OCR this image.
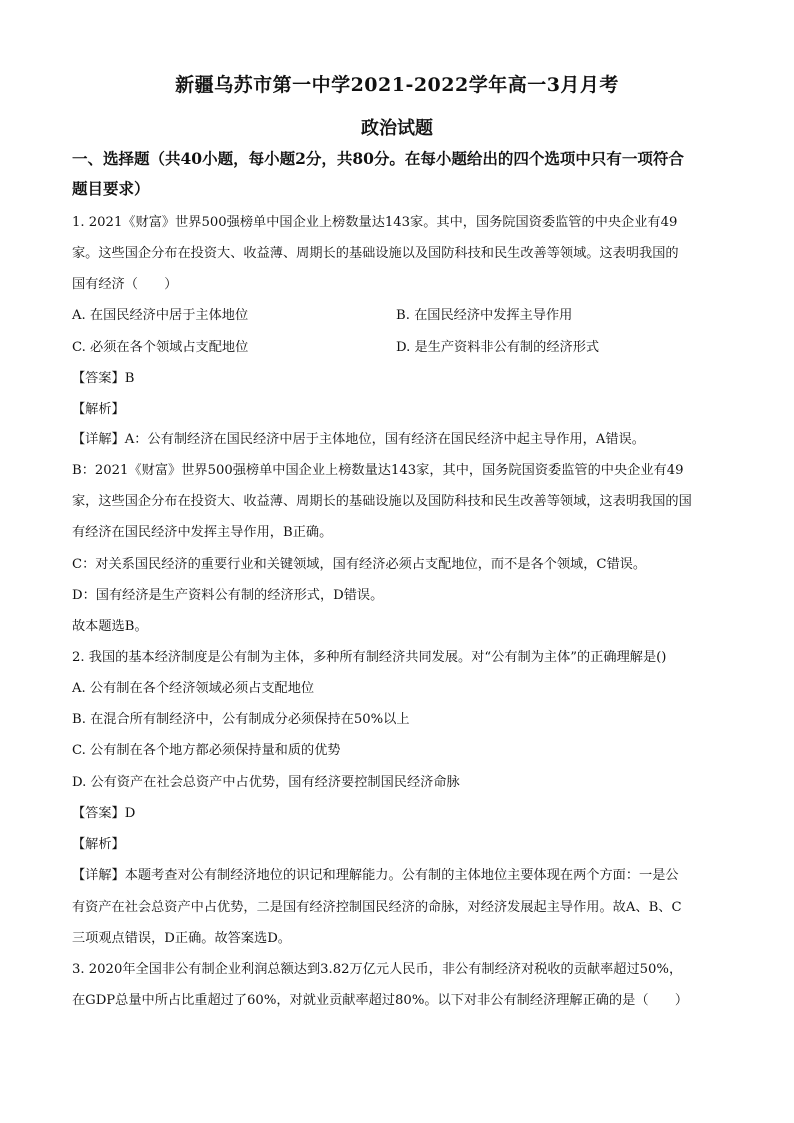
新疆乌苏市第一中学2021-2022学年高一3月月考
政治试题
一、选择题（共40小题，每小题2分，共80分。在每小题给出的四个选项中只有一项符合
题目要求）
1. 2021《财富》世界500强榜单中国企业上榜数量达143家。其中，国务院国资委监管的中央企业有49
家。这些国企分布在投资大、收益薄、周期长的基础设施以及国防科技和民生改善等领域。这表明我国的
国有经济（　　）
A. 在国民经济中居于主体地位	B. 在国民经济中发挥主导作用
C. 必须在各个领域占支配地位	D. 是生产资料非公有制的经济形式
【答案】B
【解析】
【详解】A：公有制经济在国民经济中居于主体地位，国有经济在国民经济中起主导作用，A错误。
B：2021《财富》世界500强榜单中国企业上榜数量达143家，其中，国务院国资委监管的中央企业有49
家，这些国企分布在投资大、收益薄、周期长的基础设施以及国防科技和民生改善等领域，这表明我国的国
有经济在国民经济中发挥主导作用，B正确。
C：对关系国民经济的重要行业和关键领域，国有经济必须占支配地位，而不是各个领域，C错误。
D：国有经济是生产资料公有制的经济形式，D错误。
故本题选B。
2. 我国的基本经济制度是公有制为主体，多种所有制经济共同发展。对“公有制为主体”的正确理解是()
A. 公有制在各个经济领域必须占支配地位
B. 在混合所有制经济中，公有制成分必须保持在50%以上
C. 公有制在各个地方都必须保持量和质的优势
D. 公有资产在社会总资产中占优势，国有经济要控制国民经济命脉
【答案】D
【解析】
【详解】本题考查对公有制经济地位的识记和理解能力。公有制的主体地位主要体现在两个方面：一是公
有资产在社会总资产中占优势，二是国有经济控制国民经济的命脉，对经济发展起主导作用。故A、B、C
三项观点错误，D正确。故答案选D。
3. 2020年全国非公有制企业利润总额达到3.82万亿元人民币，非公有制经济对税收的贡献率超过50%，
在GDP总量中所占比重超过了60%，对就业贡献率超过80%。以下对非公有制经济理解正确的是（　　）
